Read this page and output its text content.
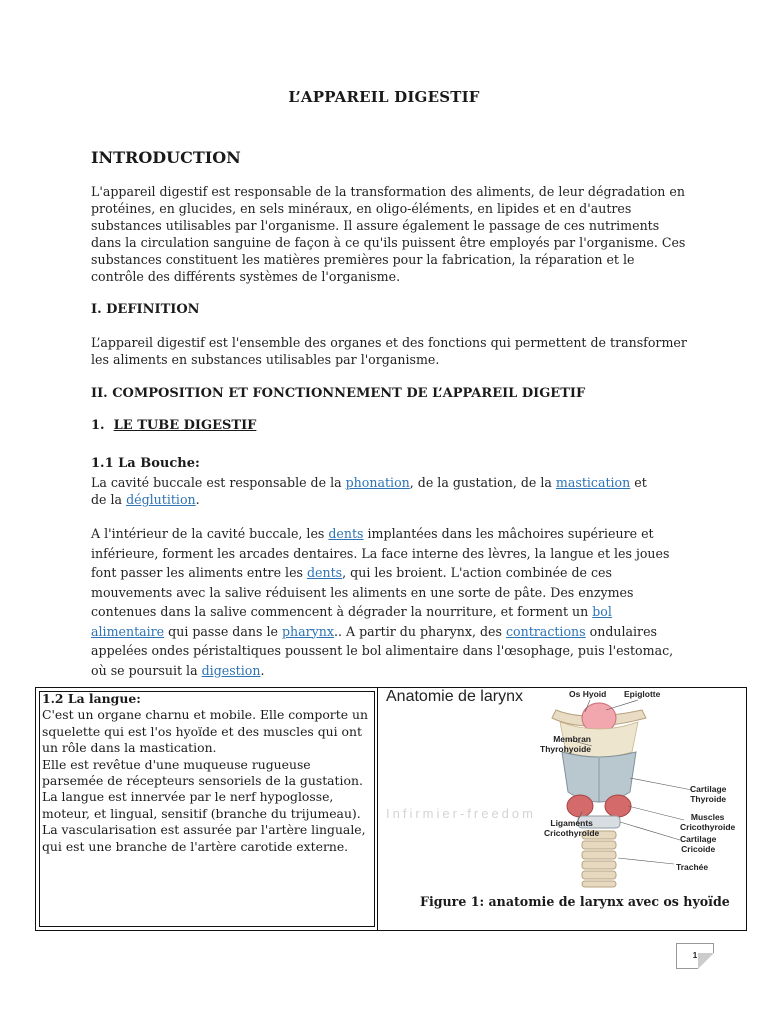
L’APPAREIL DIGESTIF
INTRODUCTION
L'appareil digestif est responsable de la transformation des aliments, de leur dégradation en protéines, en glucides, en sels minéraux, en oligo-éléments, en lipides et en d'autres substances utilisables par l'organisme. Il assure également le passage de ces nutriments dans la circulation sanguine de façon à ce qu'ils puissent être employés par l'organisme. Ces substances constituent les matières premières pour la fabrication, la réparation et le contrôle des différents systèmes de l'organisme.
I. DEFINITION
L’appareil digestif est l'ensemble des organes et des fonctions qui permettent de transformer les aliments en substances utilisables par l'organisme.
II. COMPOSITION ET FONCTIONNEMENT DE L’APPAREIL DIGETIF
1. LE TUBE DIGESTIF
1.1 La Bouche:
La cavité buccale est responsable de la phonation, de la gustation, de la mastication et de la déglutition.
A l'intérieur de la cavité buccale, les dents implantées dans les mâchoires supérieure et inférieure, forment les arcades dentaires. La face interne des lèvres, la langue et les joues font passer les aliments entre les dents, qui les broient. L'action combinée de ces mouvements avec la salive réduisent les aliments en une sorte de pâte. Des enzymes contenues dans la salive commencent à dégrader la nourriture, et forment un bol alimentaire qui passe dans le pharynx.. A partir du pharynx, des contractions ondulaires appelées ondes péristaltiques poussent le bol alimentaire dans l'œsophage, puis l'estomac, où se poursuit la digestion.
1.2 La langue:
C'est un organe charnu et mobile. Elle comporte un squelette qui est l'os hyoïde et des muscles qui ont un rôle dans la mastication.
Elle est revêtue d'une muqueuse rugueuse parsemée de récepteurs sensoriels de la gustation. La langue est innervée par le nerf hypoglosse, moteur, et lingual, sensitif (branche du trijumeau).
La vascularisation est assurée par l'artère linguale, qui est une branche de l'artère carotide externe.
Anatomie de larynx	Os Hyoid Epiglotte
Membran
Thyrohyoide
Cartilage
Thyroide
Muscles
Cricothyroide
Ligaments
Cricothyroide
Cartilage
Cricoide
Trachée
Infirmier-freedom
Figure 1: anatomie de larynx avec os hyoïde
1
